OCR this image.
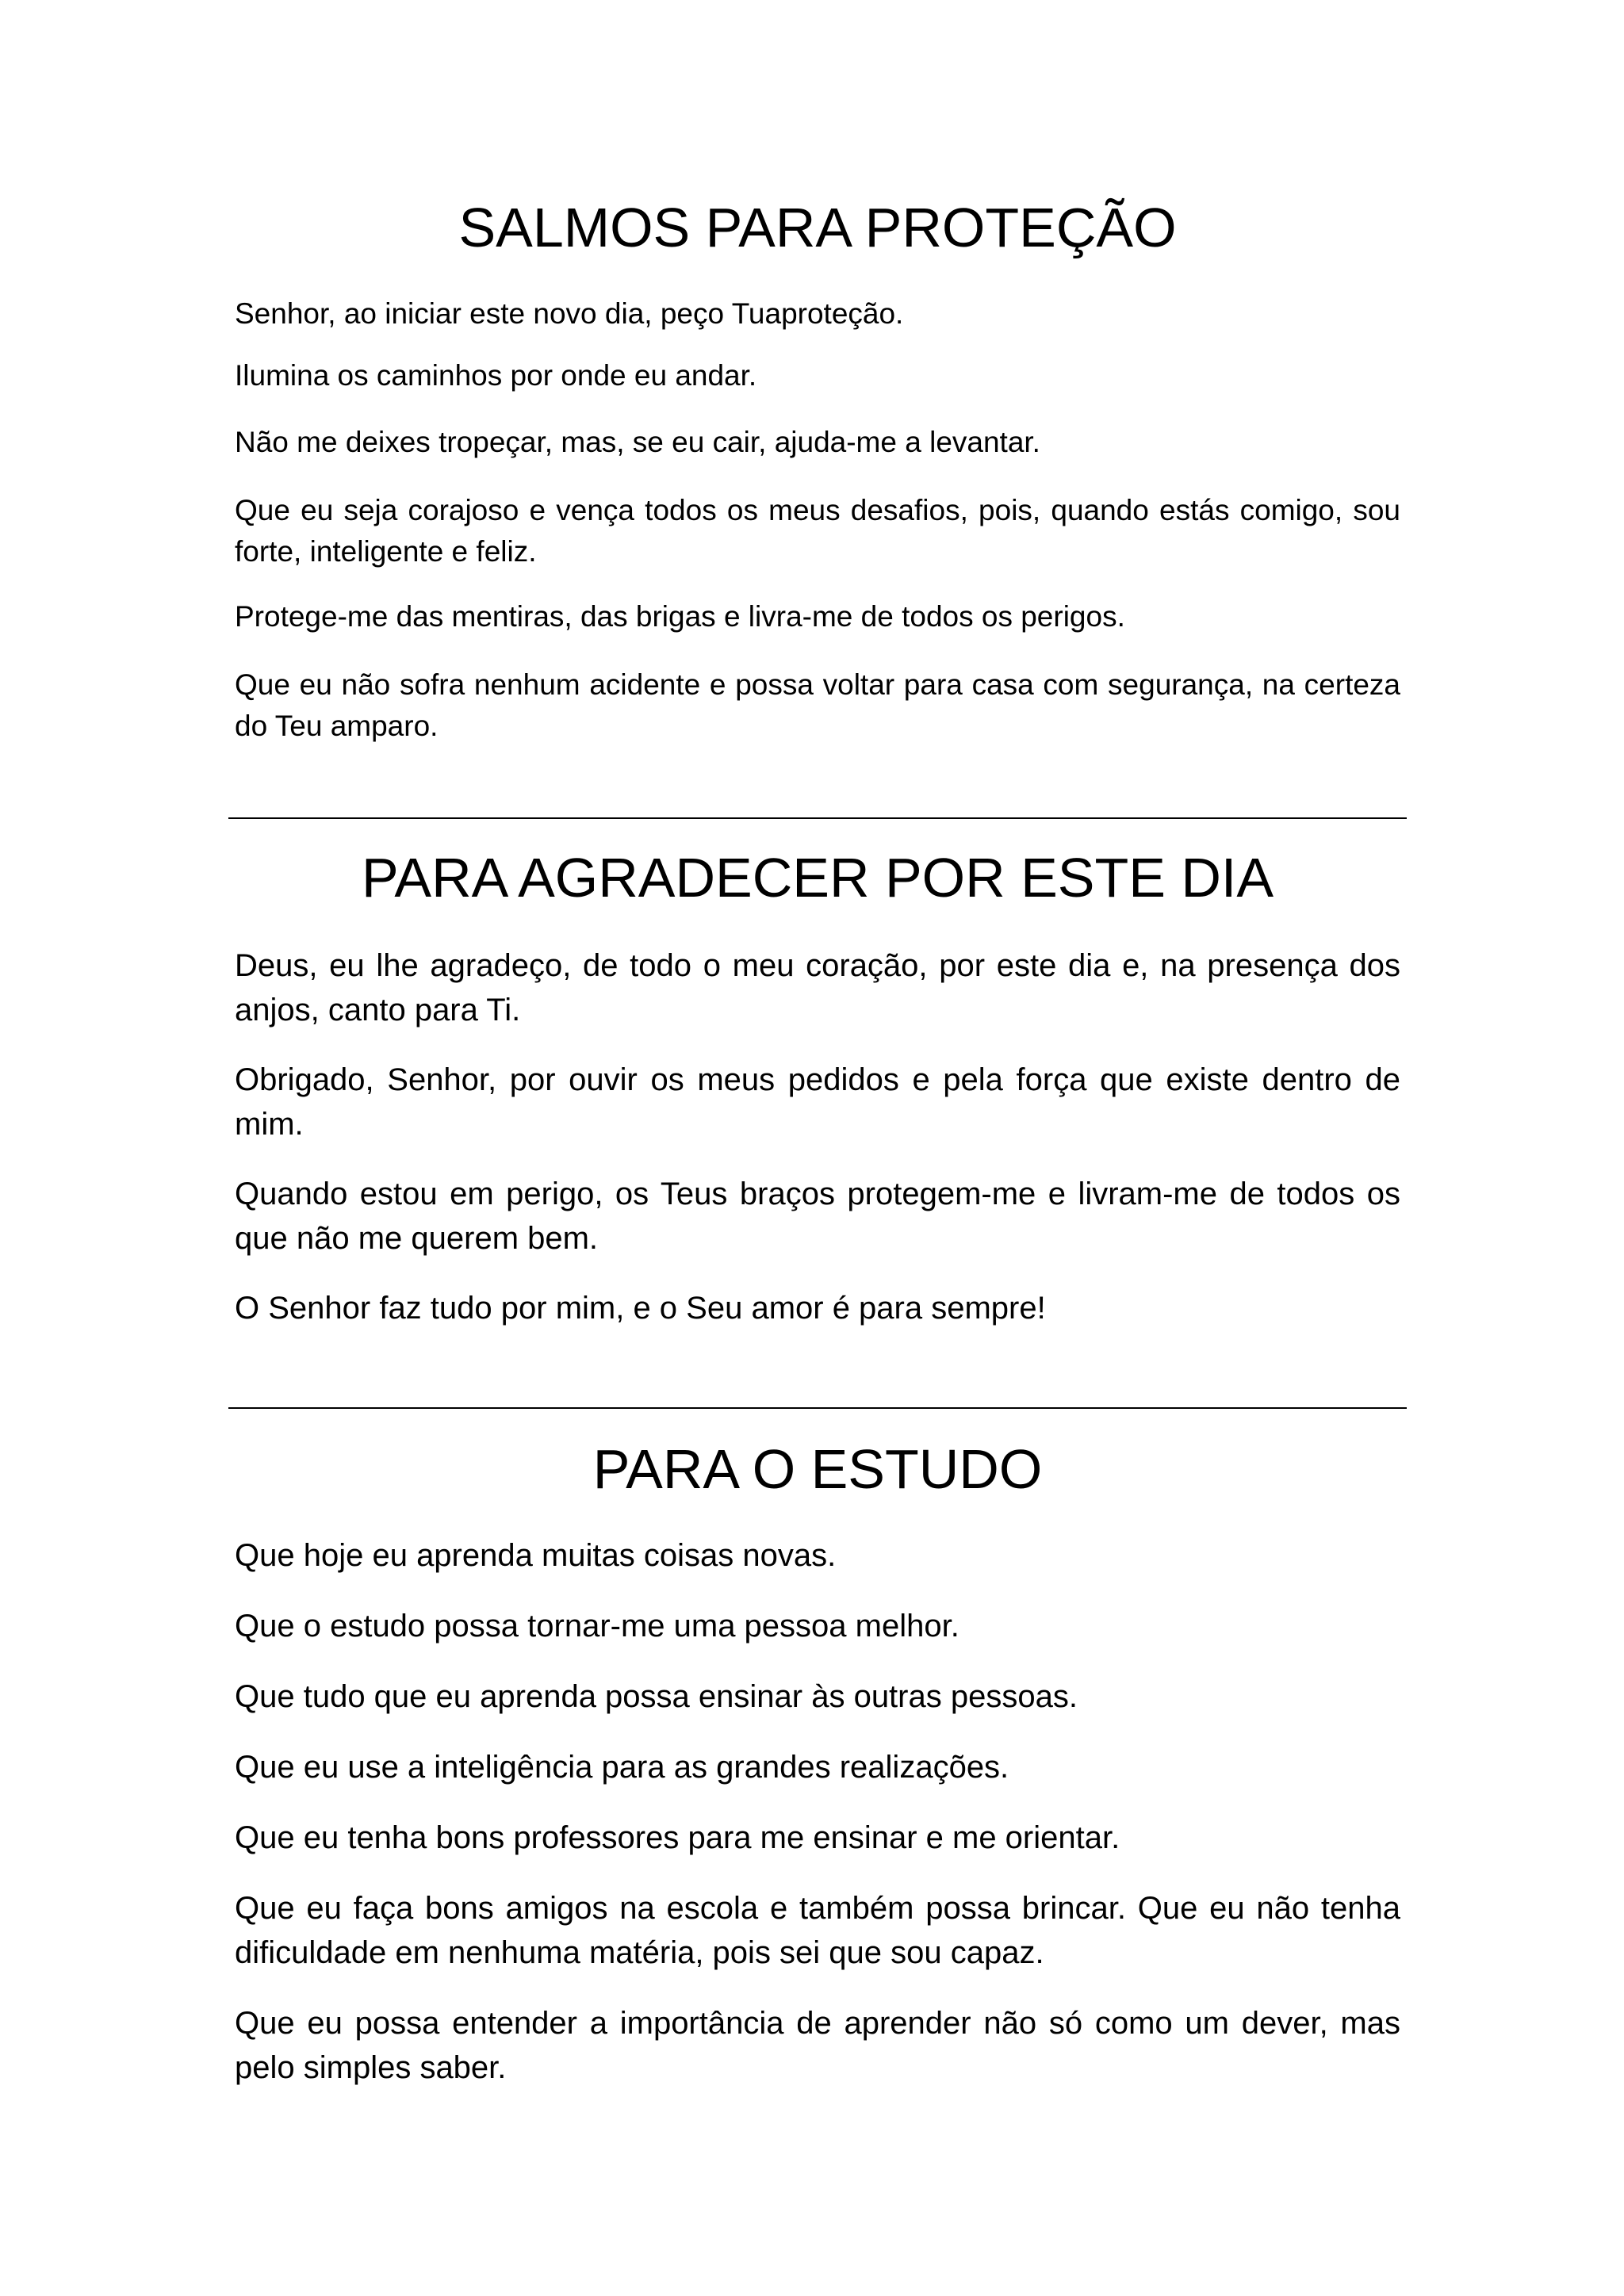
SALMOS PARA PROTEÇÃO

Senhor, ao iniciar este novo dia, peço Tuaproteção.

Ilumina os caminhos por onde eu andar.

Não me deixes tropeçar, mas, se eu cair, ajuda-me a levantar.

Que eu seja corajoso e vença todos os meus desafios, pois, quando estás comigo, sou forte, inteligente e feliz.

Protege-me das mentiras, das brigas e livra-me de todos os perigos.

Que eu não sofra nenhum acidente e possa voltar para casa com segurança, na certeza do Teu amparo.

PARA AGRADECER POR ESTE DIA

Deus, eu lhe agradeço, de todo o meu coração, por este dia e, na presença dos anjos, canto para Ti.

Obrigado, Senhor, por ouvir os meus pedidos e pela força que existe dentro de mim.

Quando estou em perigo, os Teus braços protegem-me e livram-me de todos os que não me querem bem.

O Senhor faz tudo por mim, e o Seu amor é para sempre!

PARA O ESTUDO

Que hoje eu aprenda muitas coisas novas.

Que o estudo possa tornar-me uma pessoa melhor.

Que tudo que eu aprenda possa ensinar às outras pessoas.

Que eu use a inteligência para as grandes realizações.

Que eu tenha bons professores para me ensinar e me orientar.

Que eu faça bons amigos na escola e também possa brincar. Que eu não tenha dificuldade em nenhuma matéria, pois sei que sou capaz.

Que eu possa entender a importância de aprender não só como um dever, mas pelo simples saber.
